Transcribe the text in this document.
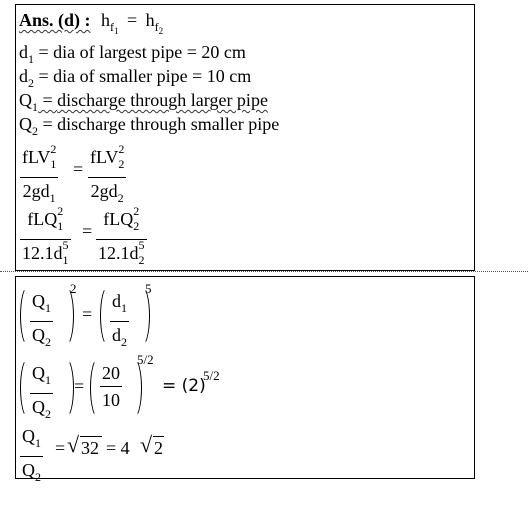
Ans. (d) : $h_{f_1} = h_{f_2}$
$d_1$ = dia of largest pipe = 20 cm
$d_2$ = dia of smaller pipe = 10 cm
$Q_1$ = discharge through larger pipe
$Q_2$ = discharge through smaller pipe
fLV 2
$_1$
$2gd_1$
=
fLV 2
$_2$
$2gd_2$
fLQ 2
$_1$
12.1d 5
$_1$
=
fLQ 2
$_2$
12.1d 5
$_2$
$Q_1$
$Q_2$
2
=
$d_1$
$d_2$
5
$Q_1$
$Q_2$
=
20
10
5/2
= (2)
5/2
$Q_1$
$Q_2$
= √ 32 = 4 √ 2
